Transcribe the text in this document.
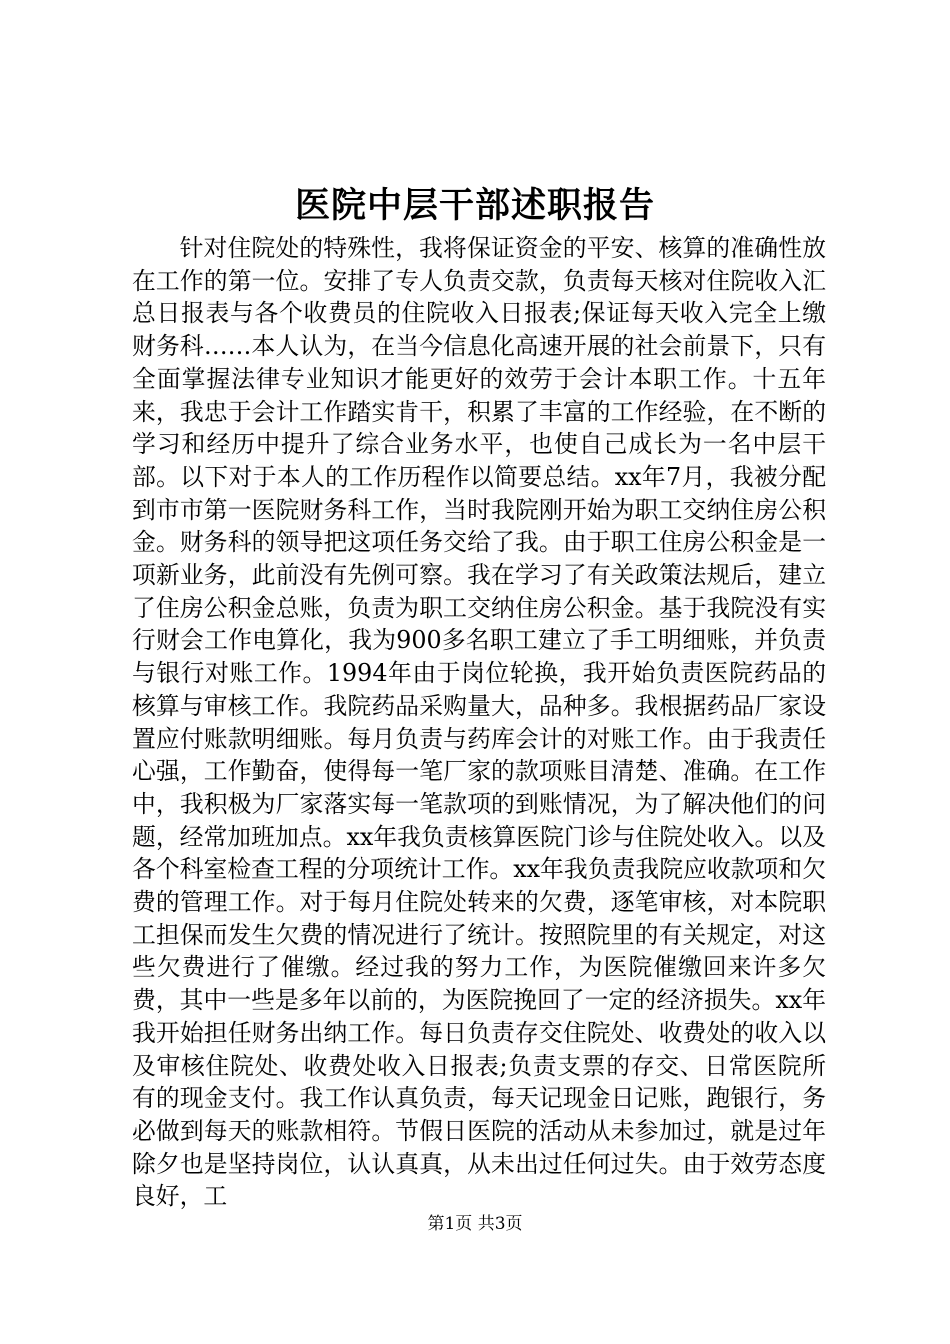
医院中层干部述职报告

针对住院处的特殊性，我将保证资金的平安、核算的准确性放在工作的第一位。安排了专人负责交款，负责每天核对住院收入汇总日报表与各个收费员的住院收入日报表;保证每天收入完全上缴财务科……本人认为，在当今信息化高速开展的社会前景下，只有全面掌握法律专业知识才能更好的效劳于会计本职工作。十五年来，我忠于会计工作踏实肯干，积累了丰富的工作经验，在不断的学习和经历中提升了综合业务水平，也使自己成长为一名中层干部。以下对于本人的工作历程作以简要总结。xx年7月，我被分配到市市第一医院财务科工作，当时我院刚开始为职工交纳住房公积金。财务科的领导把这项任务交给了我。由于职工住房公积金是一项新业务，此前没有先例可察。我在学习了有关政策法规后，建立了住房公积金总账，负责为职工交纳住房公积金。基于我院没有实行财会工作电算化，我为900多名职工建立了手工明细账，并负责与银行对账工作。1994年由于岗位轮换，我开始负责医院药品的核算与审核工作。我院药品采购量大，品种多。我根据药品厂家设置应付账款明细账。每月负责与药库会计的对账工作。由于我责任心强，工作勤奋，使得每一笔厂家的款项账目清楚、准确。在工作中，我积极为厂家落实每一笔款项的到账情况，为了解决他们的问题，经常加班加点。xx年我负责核算医院门诊与住院处收入。以及各个科室检查工程的分项统计工作。xx年我负责我院应收款项和欠费的管理工作。对于每月住院处转来的欠费，逐笔审核，对本院职工担保而发生欠费的情况进行了统计。按照院里的有关规定，对这些欠费进行了催缴。经过我的努力工作，为医院催缴回来许多欠费，其中一些是多年以前的，为医院挽回了一定的经济损失。xx年我开始担任财务出纳工作。每日负责存交住院处、收费处的收入以及审核住院处、收费处收入日报表;负责支票的存交、日常医院所有的现金支付。我工作认真负责，每天记现金日记账，跑银行，务必做到每天的账款相符。节假日医院的活动从未参加过，就是过年除夕也是坚持岗位，认认真真，从未出过任何过失。由于效劳态度良好，工

第1页 共3页
